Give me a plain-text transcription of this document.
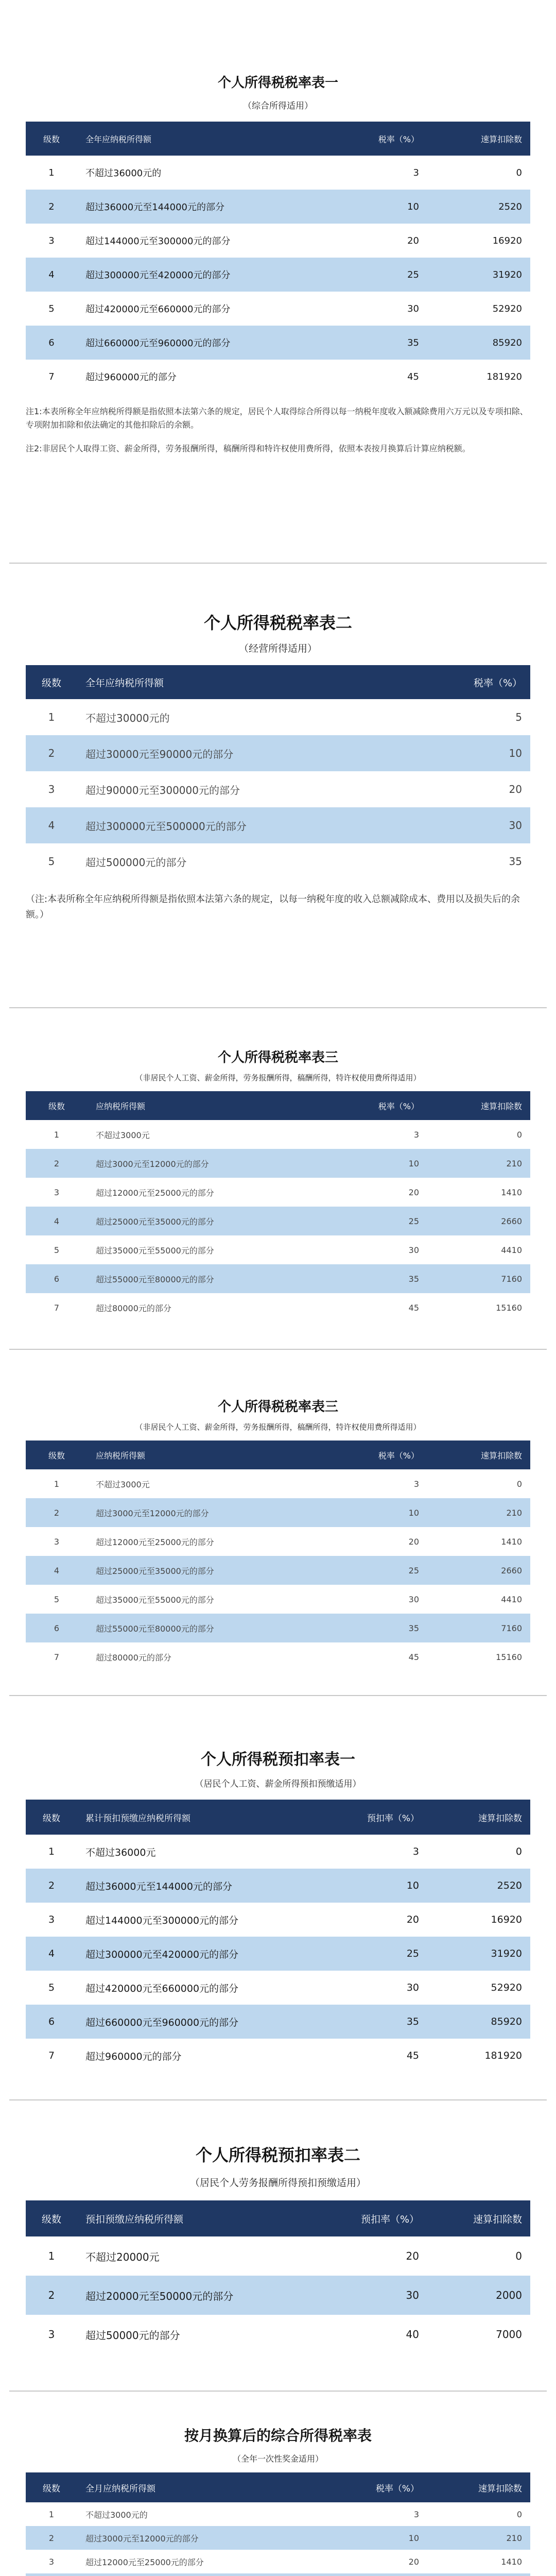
个人所得税税率表一
（综合所得适用）
级数	全年应纳税所得额	税率（%）	速算扣除数
1	不超过36000元的	3	0
2	超过36000元至144000元的部分	10	2520
3	超过144000元至300000元的部分	20	16920
4	超过300000元至420000元的部分	25	31920
5	超过420000元至660000元的部分	30	52920
6	超过660000元至960000元的部分	35	85920
7	超过960000元的部分	45	181920
注1:本表所称全年应纳税所得额是指依照本法第六条的规定，居民个人取得综合所得以每一纳税年度收入额减除费用六万元以及专项扣除、专项附加扣除和依法确定的其他扣除后的余额。
注2:非居民个人取得工资、薪金所得，劳务报酬所得，稿酬所得和特许权使用费所得，依照本表按月换算后计算应纳税额。
个人所得税税率表二
（经营所得适用）
级数	全年应纳税所得额	税率（%）
1	不超过30000元的	5
2	超过30000元至90000元的部分	10
3	超过90000元至300000元的部分	20
4	超过300000元至500000元的部分	30
5	超过500000元的部分	35
（注:本表所称全年应纳税所得额是指依照本法第六条的规定，以每一纳税年度的收入总额减除成本、费用以及损失后的余额。）
个人所得税税率表三
（非居民个人工资、薪金所得，劳务报酬所得，稿酬所得，特许权使用费所得适用）
级数	应纳税所得额	税率（%）	速算扣除数
1	不超过3000元	3	0
2	超过3000元至12000元的部分	10	210
3	超过12000元至25000元的部分	20	1410
4	超过25000元至35000元的部分	25	2660
5	超过35000元至55000元的部分	30	4410
6	超过55000元至80000元的部分	35	7160
7	超过80000元的部分	45	15160
个人所得税税率表三
（非居民个人工资、薪金所得，劳务报酬所得，稿酬所得，特许权使用费所得适用）
级数	应纳税所得额	税率（%）	速算扣除数
1	不超过3000元	3	0
2	超过3000元至12000元的部分	10	210
3	超过12000元至25000元的部分	20	1410
4	超过25000元至35000元的部分	25	2660
5	超过35000元至55000元的部分	30	4410
6	超过55000元至80000元的部分	35	7160
7	超过80000元的部分	45	15160
个人所得税预扣率表一
（居民个人工资、薪金所得预扣预缴适用）
级数	累计预扣预缴应纳税所得额	预扣率（%）	速算扣除数
1	不超过36000元	3	0
2	超过36000元至144000元的部分	10	2520
3	超过144000元至300000元的部分	20	16920
4	超过300000元至420000元的部分	25	31920
5	超过420000元至660000元的部分	30	52920
6	超过660000元至960000元的部分	35	85920
7	超过960000元的部分	45	181920
个人所得税预扣率表二
（居民个人劳务报酬所得预扣预缴适用）
级数	预扣预缴应纳税所得额	预扣率（%）	速算扣除数
1	不超过20000元	20	0
2	超过20000元至50000元的部分	30	2000
3	超过50000元的部分	40	7000
按月换算后的综合所得税率表
（全年一次性奖金适用）
级数	全月应纳税所得额	税率（%）	速算扣除数
1	不超过3000元的	3	0
2	超过3000元至12000元的部分	10	210
3	超过12000元至25000元的部分	20	1410
